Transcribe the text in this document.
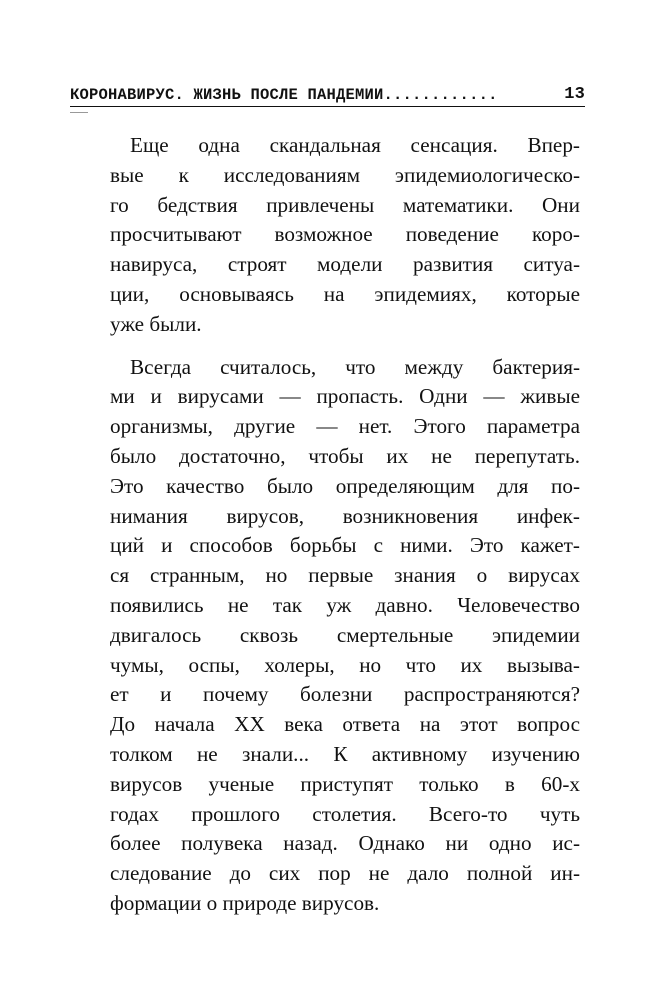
КОРОНАВИРУС. ЖИЗНЬ ПОСЛЕ ПАНДЕМИИ............	13
Еще одна скандальная сенсация. Впер-
вые к исследованиям эпидемиологическо-
го бедствия привлечены математики. Они
просчитывают возможное поведение коро-
навируса, строят модели развития ситуа-
ции, основываясь на эпидемиях, которые
уже были.
Всегда считалось, что между бактерия-
ми и вирусами — пропасть. Одни — живые
организмы, другие — нет. Этого параметра
было достаточно, чтобы их не перепутать.
Это качество было определяющим для по-
нимания вирусов, возникновения инфек-
ций и способов борьбы с ними. Это кажет-
ся странным, но первые знания о вирусах
появились не так уж давно. Человечество
двигалось сквозь смертельные эпидемии
чумы, оспы, холеры, но что их вызыва-
ет и почему болезни распространяются?
До начала XX века ответа на этот вопрос
толком не знали... К активному изучению
вирусов ученые приступят только в 60-х
годах прошлого столетия. Всего-то чуть
более полувека назад. Однако ни одно ис-
следование до сих пор не дало полной ин-
формации о природе вирусов.
